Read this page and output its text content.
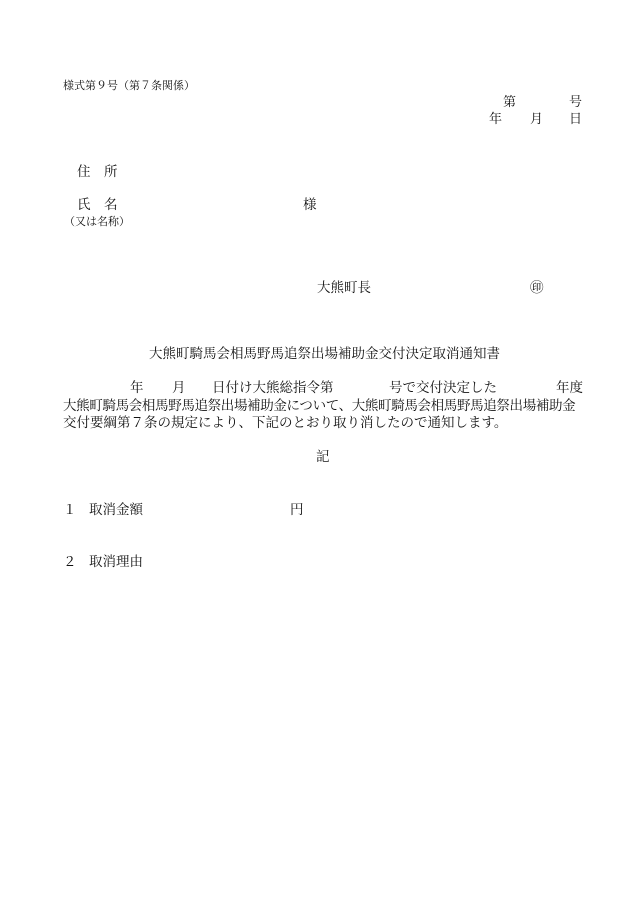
様式第９号（第７条関係）
第	号
年 月 日
住　所
氏　名	様
（又は名称）
大熊町長	㊞
大熊町騎馬会相馬野馬追祭出場補助金交付決定取消通知書
年 月 日付け大熊総指令第	号で交付決定した	年度
大熊町騎馬会相馬野馬追祭出場補助金について、大熊町騎馬会相馬野馬追祭出場補助金
交付要綱第７条の規定により、下記のとおり取り消したので通知します。
記
１ 取消金額	円
２ 取消理由
